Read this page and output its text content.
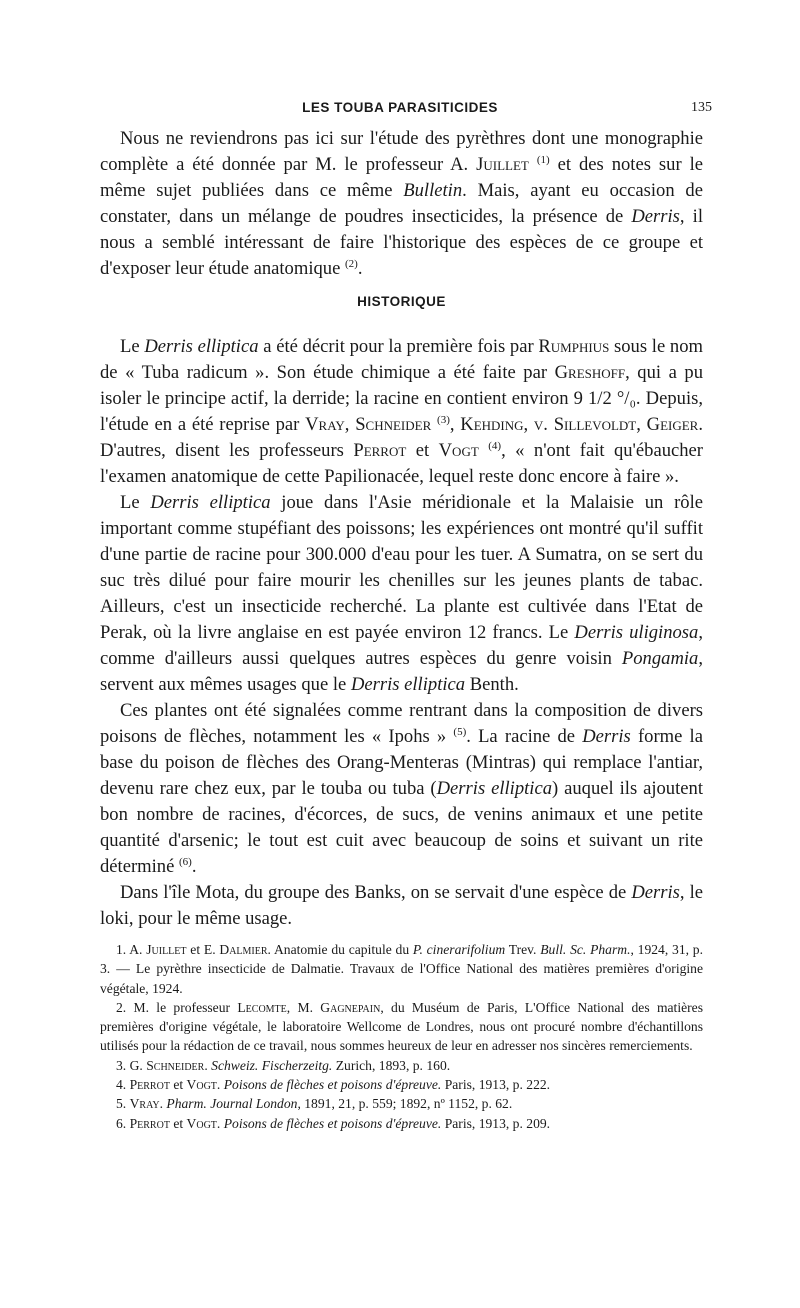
LES TOUBA PARASITICIDES	135

Nous ne reviendrons pas ici sur l'étude des pyrèthres dont une monographie complète a été donnée par M. le professeur A. Juillet $^{(1)}$ et des notes sur le même sujet publiées dans ce même Bulletin. Mais, ayant eu occasion de constater, dans un mélange de poudres insecticides, la présence de Derris, il nous a semblé intéressant de faire l'historique des espèces de ce groupe et d'exposer leur étude anatomique $^{(2)}$.

HISTORIQUE

Le Derris elliptica a été décrit pour la première fois par Rumphius sous le nom de « Tuba radicum ». Son étude chimique a été faite par Greshoff, qui a pu isoler le principe actif, la derride; la racine en contient environ 9 1/2 °/₀. Depuis, l'étude en a été reprise par Vray, Schneider $^{(3)}$, Kehding, v. Sillevoldt, Geiger. D'autres, disent les professeurs Perrot et Vogt $^{(4)}$, « n'ont fait qu'ébaucher l'examen anatomique de cette Papilionacée, lequel reste donc encore à faire ».

Le Derris elliptica joue dans l'Asie méridionale et la Malaisie un rôle important comme stupéfiant des poissons; les expériences ont montré qu'il suffit d'une partie de racine pour 300.000 d'eau pour les tuer. A Sumatra, on se sert du suc très dilué pour faire mourir les chenilles sur les jeunes plants de tabac. Ailleurs, c'est un insecticide recherché. La plante est cultivée dans l'Etat de Perak, où la livre anglaise en est payée environ 12 francs. Le Derris uliginosa, comme d'ailleurs aussi quelques autres espèces du genre voisin Pongamia, servent aux mêmes usages que le Derris elliptica Benth.

Ces plantes ont été signalées comme rentrant dans la composition de divers poisons de flèches, notamment les « Ipohs » $^{(5)}$. La racine de Derris forme la base du poison de flèches des Orang-Menteras (Mintras) qui remplace l'antiar, devenu rare chez eux, par le touba ou tuba (Derris elliptica) auquel ils ajoutent bon nombre de racines, d'écorces, de sucs, de venins animaux et une petite quantité d'arsenic; le tout est cuit avec beaucoup de soins et suivant un rite déterminé $^{(6)}$.

Dans l'île Mota, du groupe des Banks, on se servait d'une espèce de Derris, le loki, pour le même usage.

1. A. Juillet et E. Dalmier. Anatomie du capitule du P. cinerarifolium Trev. Bull. Sc. Pharm., 1924, 31, p. 3. — Le pyrèthre insecticide de Dalmatie. Travaux de l'Office National des matières premières d'origine végétale, 1924.

2. M. le professeur Lecomte, M. Gagnepain, du Muséum de Paris, L'Office National des matières premières d'origine végétale, le laboratoire Wellcome de Londres, nous ont procuré nombre d'échantillons utilisés pour la rédaction de ce travail, nous sommes heureux de leur en adresser nos sincères remerciements.

3. G. Schneider. Schweiz. Fischerzeitg. Zurich, 1893, p. 160.

4. Perrot et Vogt. Poisons de flèches et poisons d'épreuve. Paris, 1913, p. 222.

5. Vray. Pharm. Journal London, 1891, 21, p. 559; 1892, nº 1152, p. 62.

6. Perrot et Vogt. Poisons de flèches et poisons d'épreuve. Paris, 1913, p. 209.
